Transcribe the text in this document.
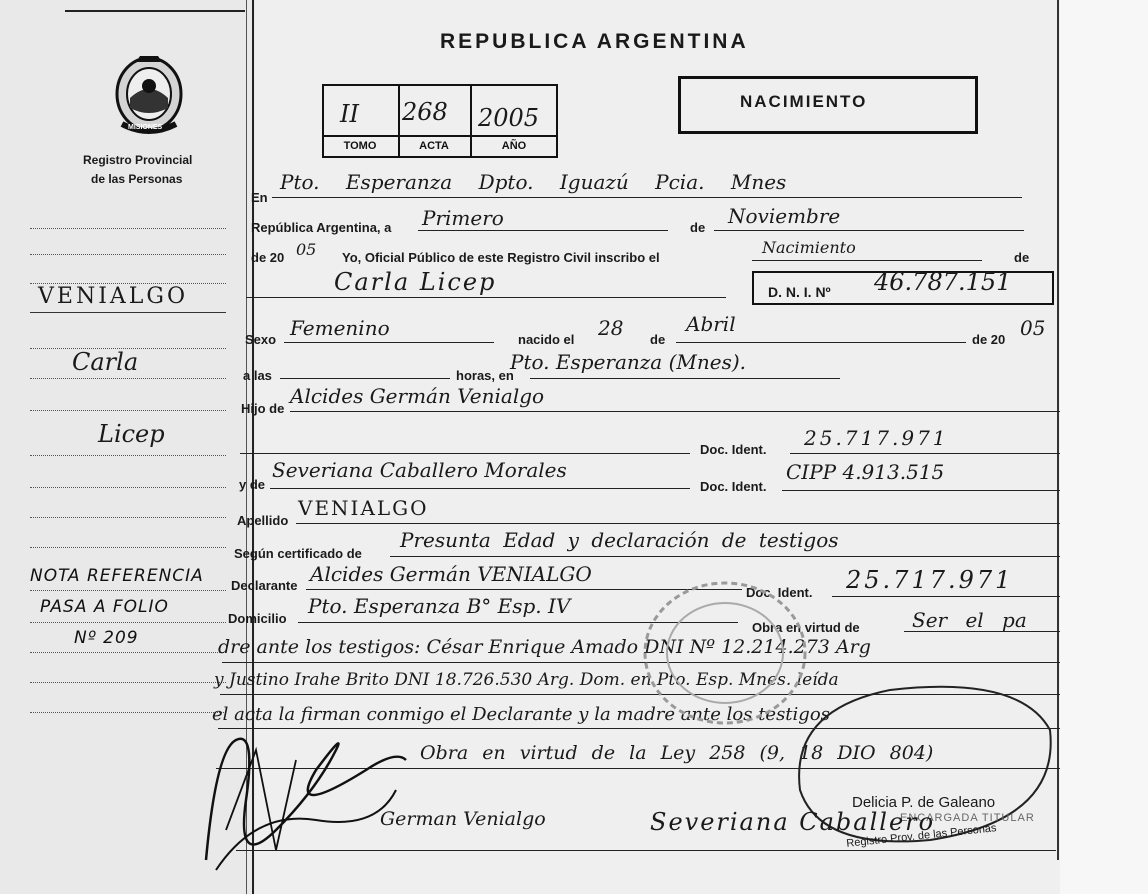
MISIONES
Registro Provincial
de las Personas
VENIALGO
Carla
Licep
NOTA REFERENCIA
PASA A FOLIO
Nº 209
REPUBLICA ARGENTINA
II 268 2005
TOMO	ACTA	AÑO
NACIMIENTO
En
Pto. Esperanza Dpto. Iguazú Pcia. Mnes
República Argentina, a Primero	de Noviembre
de 20 05 Yo, Oficial Público de este Registro Civil inscribo el
Nacimiento
de
Carla Licep	D. N. I. Nº 46.787.151
Sexo Femenino	nacido el 28 de
Abril
de 20 05
a las	horas, en
Pto. Esperanza (Mnes).
Hijo de
Alcides Germán Venialgo
Doc. Ident. 25.717.971
y de
Severiana Caballero Morales
Doc. Ident.
CIPP 4.913.515
Apellido
VENIALGO
Según certificado de
Presunta Edad y declaración de testigos
Declarante Alcides Germán VENIALGO
Doc. Ident. 25.717.971
Domicilio
Pto. Esperanza B° Esp. IV
Obra en virtud de	Ser el pa
dre ante los testigos: César Enrique Amado DNI Nº 12.214.273 Arg
y Justino Irahe Brito DNI 18.726.530 Arg. Dom. en Pto. Esp. Mnes. leída
el acta la firman conmigo el Declarante y la madre ante los testigos
Obra en virtud de la Ley 258 (9, 18 DIO 804)
Delicia P. de Galeano
ENCARGADA TITULAR
Registro Prov. de las Personas
German Venialgo	Severiana Caballero
